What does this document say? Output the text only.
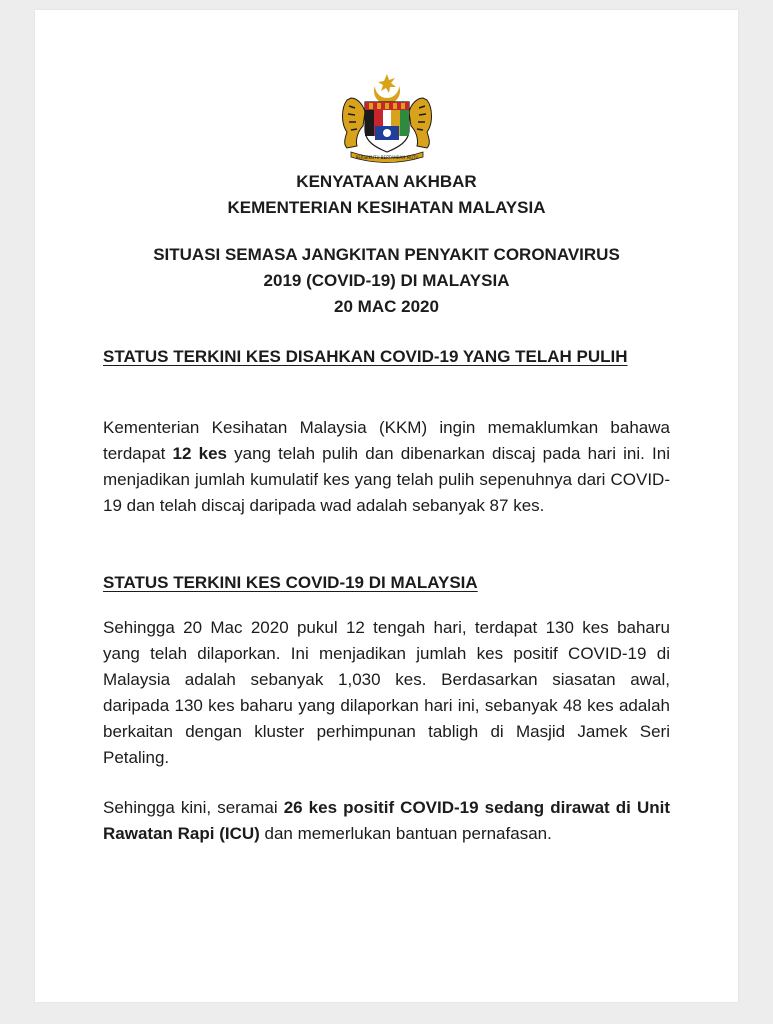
BERSEKUTU BERTAMBAH MUTU
KENYATAAN AKHBAR
KEMENTERIAN KESIHATAN MALAYSIA
SITUASI SEMASA JANGKITAN PENYAKIT CORONAVIRUS
2019 (COVID-19) DI MALAYSIA
20 MAC 2020

STATUS TERKINI KES DISAHKAN COVID-19 YANG TELAH PULIH

Kementerian Kesihatan Malaysia (KKM) ingin memaklumkan bahawa terdapat 12 kes yang telah pulih dan dibenarkan discaj pada hari ini. Ini menjadikan jumlah kumulatif kes yang telah pulih sepenuhnya dari COVID-19 dan telah discaj daripada wad adalah sebanyak 87 kes.

STATUS TERKINI KES COVID-19 DI MALAYSIA

Sehingga 20 Mac 2020 pukul 12 tengah hari, terdapat 130 kes baharu yang telah dilaporkan. Ini menjadikan jumlah kes positif COVID-19 di Malaysia adalah sebanyak 1,030 kes. Berdasarkan siasatan awal, daripada 130 kes baharu yang dilaporkan hari ini, sebanyak 48 kes adalah berkaitan dengan kluster perhimpunan tabligh di Masjid Jamek Seri Petaling.

Sehingga kini, seramai 26 kes positif COVID-19 sedang dirawat di Unit Rawatan Rapi (ICU) dan memerlukan bantuan pernafasan.
